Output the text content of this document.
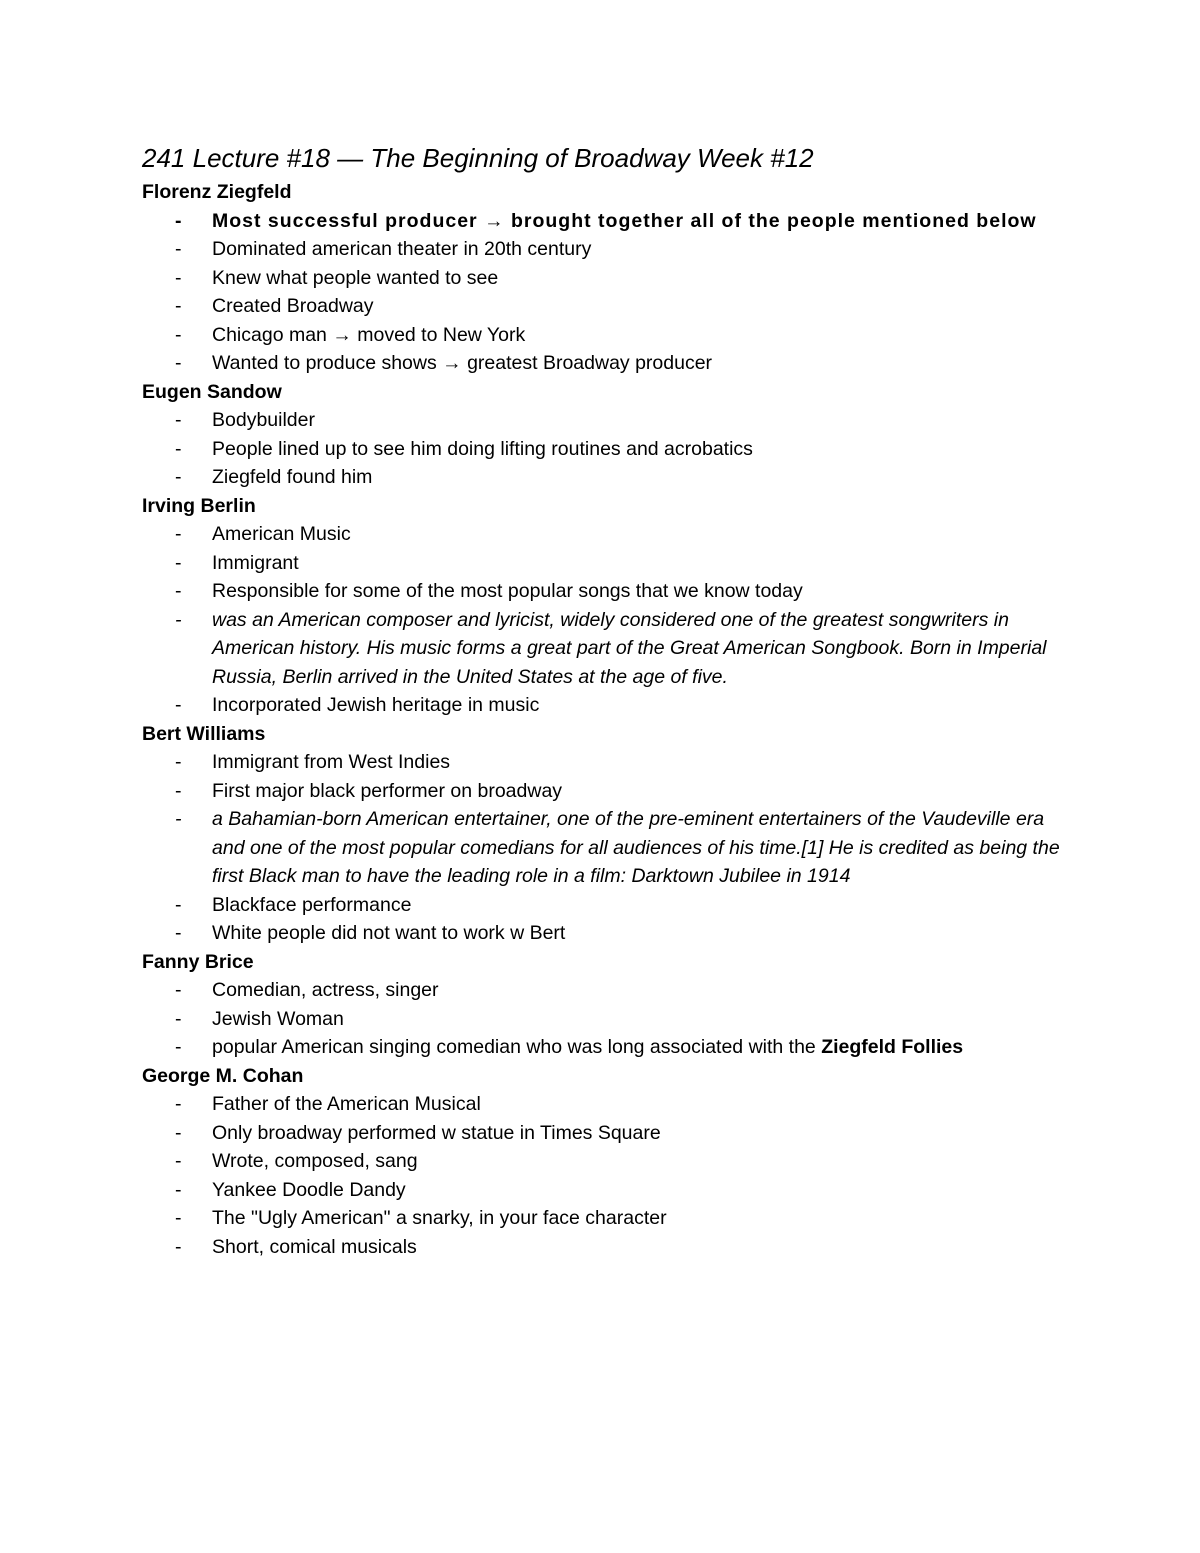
241 Lecture #18 — The Beginning of Broadway Week #12

Florenz Ziegfeld

- Most successful producer → brought together all of the people mentioned below
- Dominated american theater in 20th century
- Knew what people wanted to see
- Created Broadway
- Chicago man → moved to New York
- Wanted to produce shows → greatest Broadway producer

Eugen Sandow

- Bodybuilder
- People lined up to see him doing lifting routines and acrobatics
- Ziegfeld found him

Irving Berlin

- American Music
- Immigrant
- Responsible for some of the most popular songs that we know today
- was an American composer and lyricist, widely considered one of the greatest songwriters in American history. His music forms a great part of the Great American Songbook. Born in Imperial Russia, Berlin arrived in the United States at the age of five.
- Incorporated Jewish heritage in music

Bert Williams

- Immigrant from West Indies
- First major black performer on broadway
- a Bahamian-born American entertainer, one of the pre-eminent entertainers of the Vaudeville era and one of the most popular comedians for all audiences of his time.[1] He is credited as being the first Black man to have the leading role in a film: Darktown Jubilee in 1914
- Blackface performance
- White people did not want to work w Bert

Fanny Brice

- Comedian, actress, singer
- Jewish Woman
- popular American singing comedian who was long associated with the Ziegfeld Follies

George M. Cohan

- Father of the American Musical
- Only broadway performed w statue in Times Square
- Wrote, composed, sang
- Yankee Doodle Dandy
- The "Ugly American" a snarky, in your face character
- Short, comical musicals
